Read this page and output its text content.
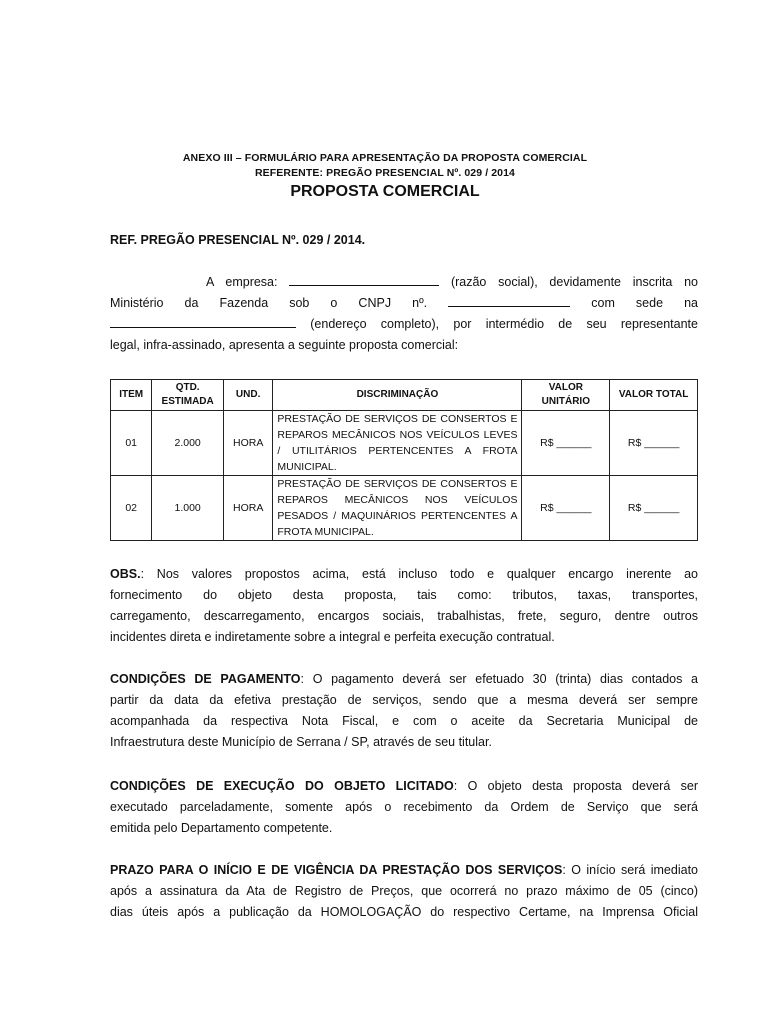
ANEXO III – FORMULÁRIO PARA APRESENTAÇÃO DA PROPOSTA COMERCIAL
REFERENTE: PREGÃO PRESENCIAL Nº. 029 / 2014
PROPOSTA COMERCIAL
REF. PREGÃO PRESENCIAL Nº. 029 / 2014.
A empresa:	(razão social), devidamente inscrita no
Ministério da Fazenda sob o CNPJ nº.	com sede na
(endereço completo), por intermédio de seu representante
legal, infra-assinado, apresenta a seguinte proposta comercial:
ITEM	QTD. ESTIMADA	UND.	DISCRIMINAÇÃO	VALOR UNITÁRIO	VALOR TOTAL
01	2.000	HORA	PRESTAÇÃO DE SERVIÇOS DE CONSERTOS E REPAROS MECÂNICOS NOS VEÍCULOS LEVES / UTILITÁRIOS PERTENCENTES A FROTA MUNICIPAL.	R$ ______	R$ ______
02	1.000	HORA	PRESTAÇÃO DE SERVIÇOS DE CONSERTOS E REPAROS MECÂNICOS NOS VEÍCULOS PESADOS / MAQUINÁRIOS PERTENCENTES A FROTA MUNICIPAL.	R$ ______	R$ ______
OBS.: Nos valores propostos acima, está incluso todo e qualquer encargo inerente ao
fornecimento do objeto desta proposta, tais como: tributos, taxas, transportes,
carregamento, descarregamento, encargos sociais, trabalhistas, frete, seguro, dentre outros
incidentes direta e indiretamente sobre a integral e perfeita execução contratual.
CONDIÇÕES DE PAGAMENTO: O pagamento deverá ser efetuado 30 (trinta) dias contados a
partir da data da efetiva prestação de serviços, sendo que a mesma deverá ser sempre
acompanhada da respectiva Nota Fiscal, e com o aceite da Secretaria Municipal de
Infraestrutura deste Município de Serrana / SP, através de seu titular.
CONDIÇÕES DE EXECUÇÃO DO OBJETO LICITADO: O objeto desta proposta deverá ser
executado parceladamente, somente após o recebimento da Ordem de Serviço que será
emitida pelo Departamento competente.
PRAZO PARA O INÍCIO E DE VIGÊNCIA DA PRESTAÇÃO DOS SERVIÇOS: O início será imediato
após a assinatura da Ata de Registro de Preços, que ocorrerá no prazo máximo de 05 (cinco)
dias úteis após a publicação da HOMOLOGAÇÃO do respectivo Certame, na Imprensa Oficial
